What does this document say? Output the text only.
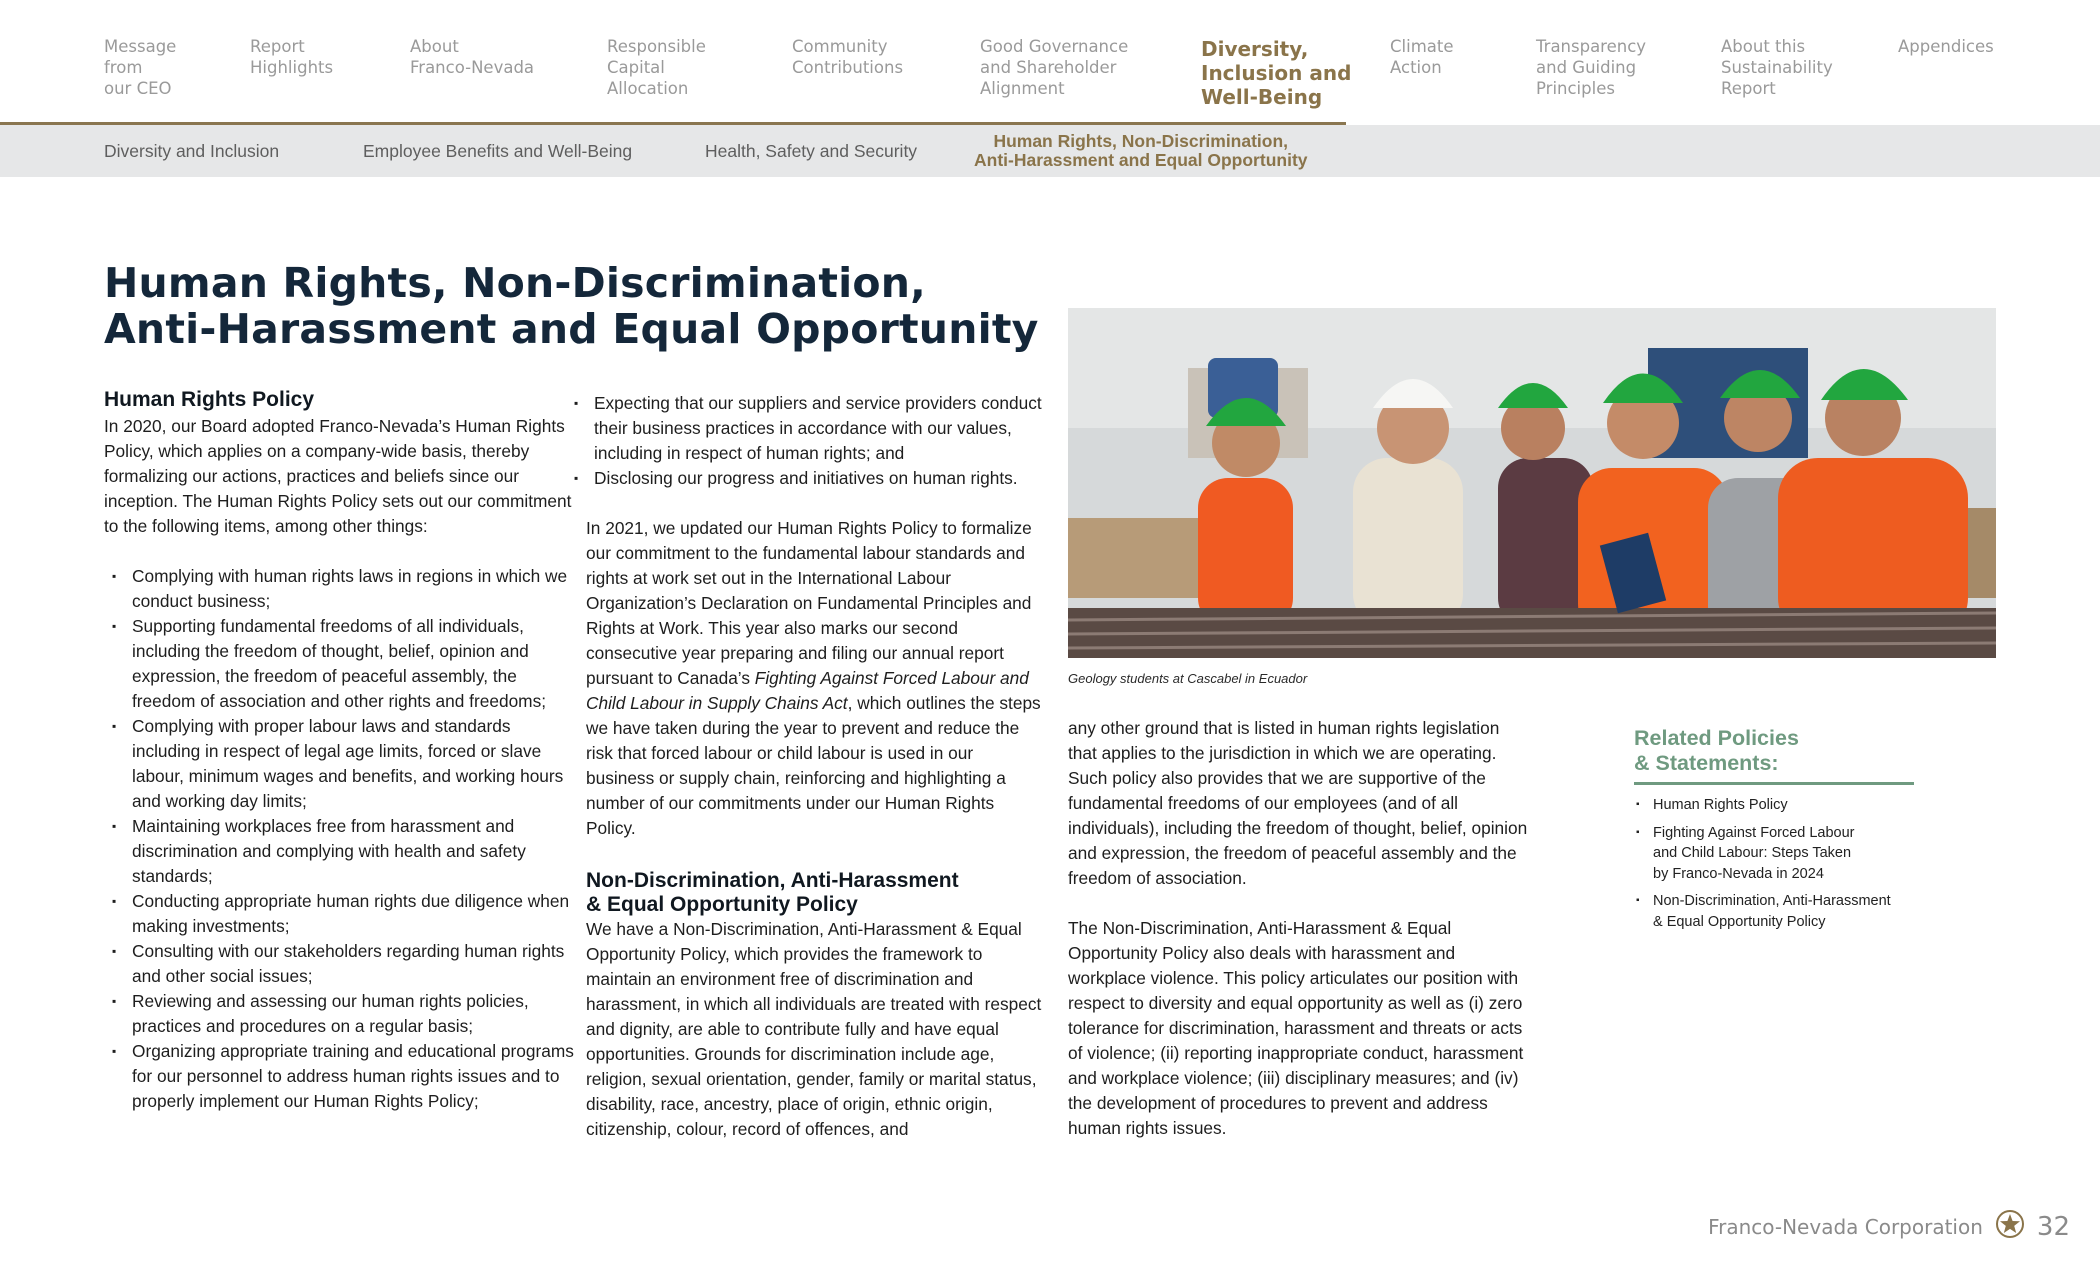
Message
from
our CEO
Report
Highlights
About
Franco-Nevada
Responsible
Capital
Allocation
Community
Contributions
Good Governance
and Shareholder
Alignment
Diversity,
Inclusion and
Well-Being
Climate
Action
Transparency
and Guiding
Principles
About this
Sustainability
Report
Appendices
Diversity and Inclusion	Employee Benefits and Well-Being	Health, Safety and Security	Human Rights, Non-Discrimination,
Anti-Harassment and Equal Opportunity
Human Rights, Non-Discrimination,
Anti-Harassment and Equal Opportunity
Human Rights Policy

In 2020, our Board adopted Franco-Nevada’s Human Rights Policy, which applies on a company-wide basis, thereby formalizing our actions, practices and beliefs since our inception. The Human Rights Policy sets out our commitment to the following items, among other things:

▪ Complying with human rights laws in regions in which we conduct business;
▪ Supporting fundamental freedoms of all individuals, including the freedom of thought, belief, opinion and expression, the freedom of peaceful assembly, the freedom of association and other rights and freedoms;
▪ Complying with proper labour laws and standards including in respect of legal age limits, forced or slave labour, minimum wages and benefits, and working hours and working day limits;
▪ Maintaining workplaces free from harassment and discrimination and complying with health and safety standards;
▪ Conducting appropriate human rights due diligence when making investments;
▪ Consulting with our stakeholders regarding human rights and other social issues;
▪ Reviewing and assessing our human rights policies, practices and procedures on a regular basis;
▪ Organizing appropriate training and educational programs for our personnel to address human rights issues and to properly implement our Human Rights Policy;
▪ Expecting that our suppliers and service providers conduct their business practices in accordance with our values, including in respect of human rights; and
▪ Disclosing our progress and initiatives on human rights.

In 2021, we updated our Human Rights Policy to formalize our commitment to the fundamental labour standards and rights at work set out in the International Labour Organization’s Declaration on Fundamental Principles and Rights at Work. This year also marks our second consecutive year preparing and filing our annual report pursuant to Canada’s Fighting Against Forced Labour and Child Labour in Supply Chains Act, which outlines the steps we have taken during the year to prevent and reduce the risk that forced labour or child labour is used in our business or supply chain, reinforcing and highlighting a number of our commitments under our Human Rights Policy.

Non-Discrimination, Anti-Harassment
& Equal Opportunity Policy

We have a Non-Discrimination, Anti-Harassment & Equal Opportunity Policy, which provides the framework to maintain an environment free of discrimination and harassment, in which all individuals are treated with respect and dignity, are able to contribute fully and have equal opportunities. Grounds for discrimination include age, religion, sexual orientation, gender, family or marital status, disability, race, ancestry, place of origin, ethnic origin, citizenship, colour, record of offences, and

Geology students at Cascabel in Ecuador

any other ground that is listed in human rights legislation that applies to the jurisdiction in which we are operating. Such policy also provides that we are supportive of the fundamental freedoms of our employees (and of all individuals), including the freedom of thought, belief, opinion and expression, the freedom of peaceful assembly and the freedom of association.

The Non-Discrimination, Anti-Harassment & Equal Opportunity Policy also deals with harassment and workplace violence. This policy articulates our position with respect to diversity and equal opportunity as well as (i) zero tolerance for discrimination, harassment and threats or acts of violence; (ii) reporting inappropriate conduct, harassment and workplace violence; (iii) disciplinary measures; and (iv) the development of procedures to prevent and address human rights issues.

Related Policies
& Statements:
▪ Human Rights Policy
▪ Fighting Against Forced Labour
and Child Labour: Steps Taken
by Franco-Nevada in 2024
▪ Non-Discrimination, Anti-Harassment
& Equal Opportunity Policy
Franco-Nevada Corporation 32
